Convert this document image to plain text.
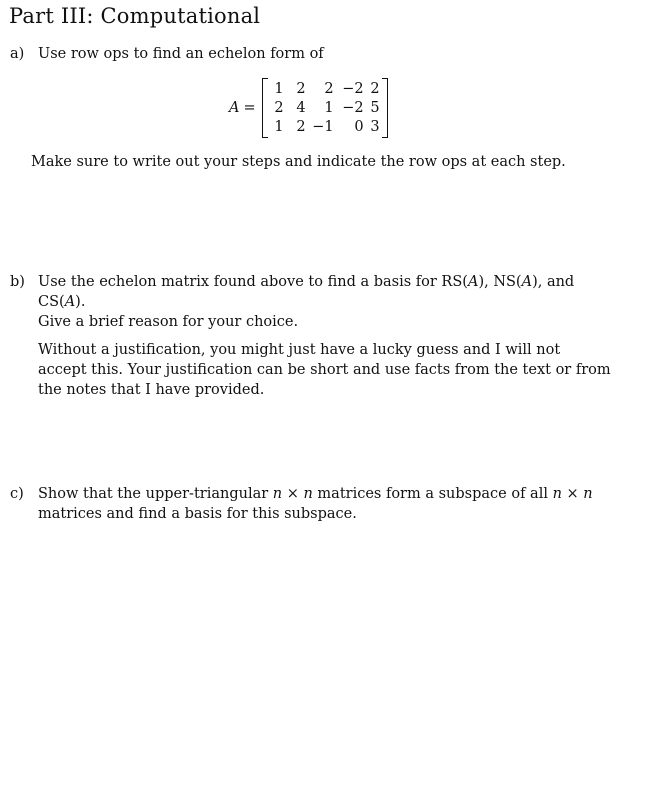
Part III: Computational
a) Use row ops to find an echelon form of

A =
1 2	2 −2 2
2 4	1 −2 5
1 2 −1	0 3

Make sure to write out your steps and indicate the row ops at each step.

b) Use the echelon matrix found above to find a basis for RS(A), NS(A), and CS(A).
Give a brief reason for your choice.

Without a justification, you might just have a lucky guess and I will not accept this. Your justification can be short and use facts from the text or from the notes that I have provided.

c) Show that the upper-triangular n × n matrices form a subspace of all n × n matrices and find a basis for this subspace.
